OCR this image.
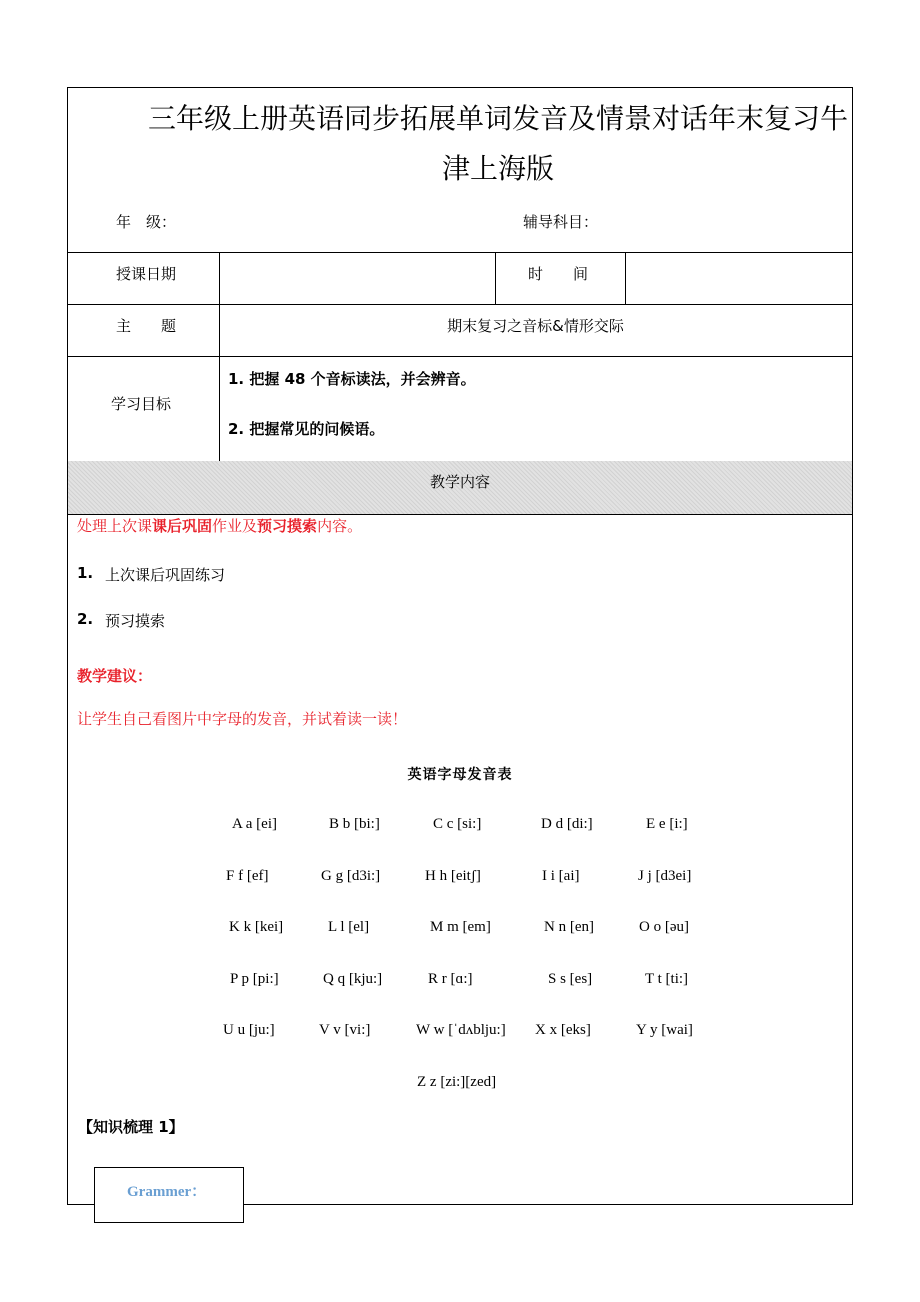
三年级上册英语同步拓展单词发音及情景对话年末复习牛津上海版
年　级：	辅导科目：
授课日期	时　　间
主　　题	期末复习之音标&情形交际
学习目标
1. 把握 48 个音标读法，并会辨音。
2. 把握常见的问候语。
教学内容
处理上次课课后巩固作业及预习摸索内容。
1. 上次课后巩固练习
2. 预习摸索
教学建议：
让学生自己看图片中字母的发音，并试着读一读！
英语字母发音表
A a [ei]	B b [bi:]	C c [si:]	D d [di:]	E e [i:]
F f [ef]	G g [d3i:]	H h [eitʃ]	I i [ai]	J j [d3ei]
K k [kei]	L l [el]	M m [em]	N n [en]	O o [əu]
P p [pi:]	Q q [kju:]	R r [ɑ:]	S s [es]	T t [ti:]
U u [ju:]	V v [vi:]	W w [ˈdʌblju:] X x [eks]	Y y [wai]
Z z [zi:][zed]
【知识梳理 1】
Grammer：
